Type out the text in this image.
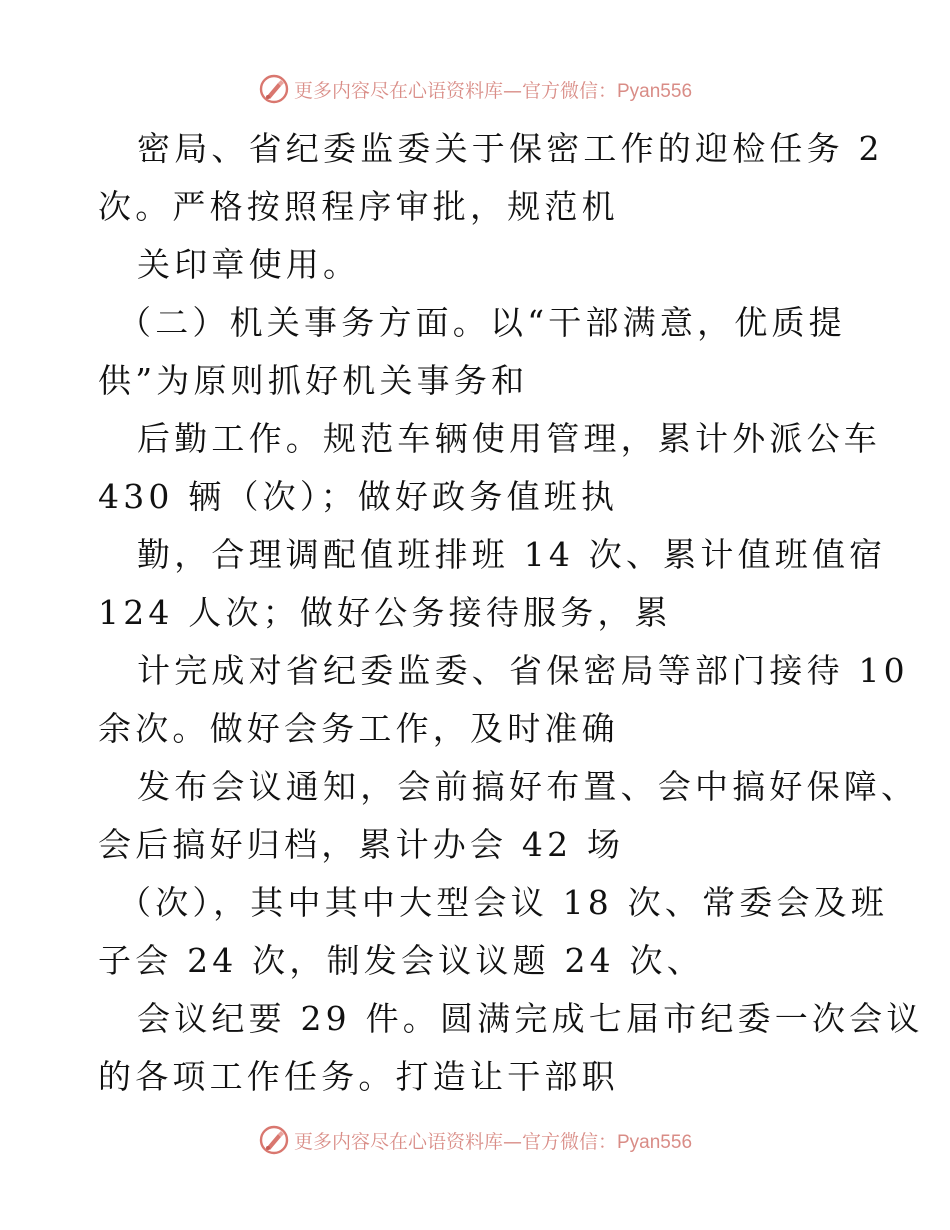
更多内容尽在心语资料库—官方微信：Pyan556
密局、省纪委监委关于保密工作的迎检任务 2
次。严格按照程序审批，规范机
关印章使用。
（二）机关事务方面。以“干部满意，优质提
供”为原则抓好机关事务和
后勤工作。规范车辆使用管理，累计外派公车
430 辆（次）；做好政务值班执
勤，合理调配值班排班 14 次、累计值班值宿
124 人次；做好公务接待服务，累
计完成对省纪委监委、省保密局等部门接待 10
余次。做好会务工作，及时准确
发布会议通知，会前搞好布置、会中搞好保障、
会后搞好归档，累计办会 42 场
（次），其中其中大型会议 18 次、常委会及班
子会 24 次，制发会议议题 24 次、
会议纪要 29 件。圆满完成七届市纪委一次会议
的各项工作任务。打造让干部职
更多内容尽在心语资料库—官方微信：Pyan556
